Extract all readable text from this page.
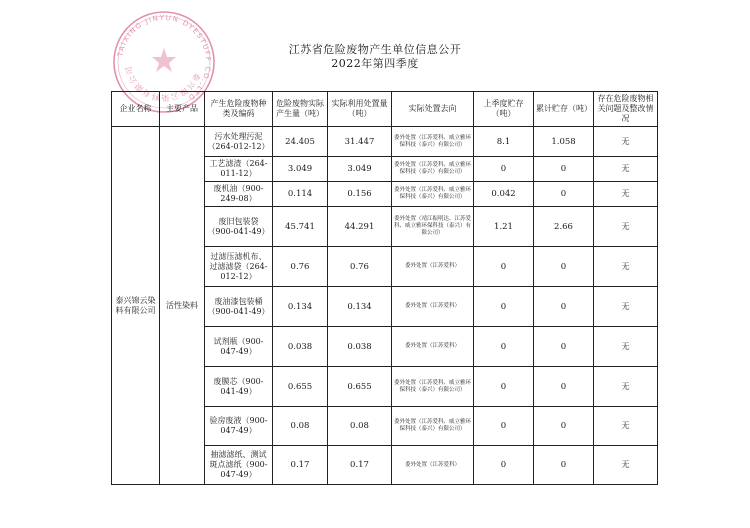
江苏省危险废物产生单位信息公开
2022年第四季度
TAIXING JINYUN DYESTUFF CO.,LTD
泰兴锦云染料有限公司
企业名称	主要产品	产生危险废物种类及编码	危险废物实际产生量（吨）	实际利用处置量（吨）	实际处置去向	上季度贮存（吨）	累计贮存（吨）	存在危险废物相关问题及整改情况
泰兴锦云染料有限公司	活性染料	污水处理污泥（264-012-12）	24.405	31.447	委外处置（江苏爱科、威立雅环保科技（泰兴）有限公司）	8.1	1.058	无
		工艺滤渣（264-011-12）	3.049	3.049	委外处置（江苏爱科、威立雅环保科技（泰兴）有限公司）	0	0	无
		废机油（900-249-08）	0.114	0.156	委外处置（江苏爱科、威立雅环保科技（泰兴）有限公司）	0.042	0	无
		废旧包装袋（900-041-49）	45.741	44.291	委外处置（靖江振明达、江苏爱科、威立雅环保科技（泰兴）有限公司）	1.21	2.66	无
		过滤压滤机布、过滤滤袋（264-012-12）	0.76	0.76	委外处置（江苏爱科）	0	0	无
		废油漆包装桶（900-041-49）	0.134	0.134	委外处置（江苏爱科）	0	0	无
		试剂瓶（900-047-49）	0.038	0.038	委外处置（江苏爱科）	0	0	无
		废膜芯（900-041-49）	0.655	0.655	委外处置（江苏爱科、威立雅环保科技（泰兴）有限公司）	0	0	无
		验房废液（900-047-49）	0.08	0.08	委外处置（江苏爱科、威立雅环保科技（泰兴）有限公司）	0	0	无
		抽滤滤纸、测试斑点滤纸（900-047-49）	0.17	0.17	委外处置（江苏爱科）	0	0	无
